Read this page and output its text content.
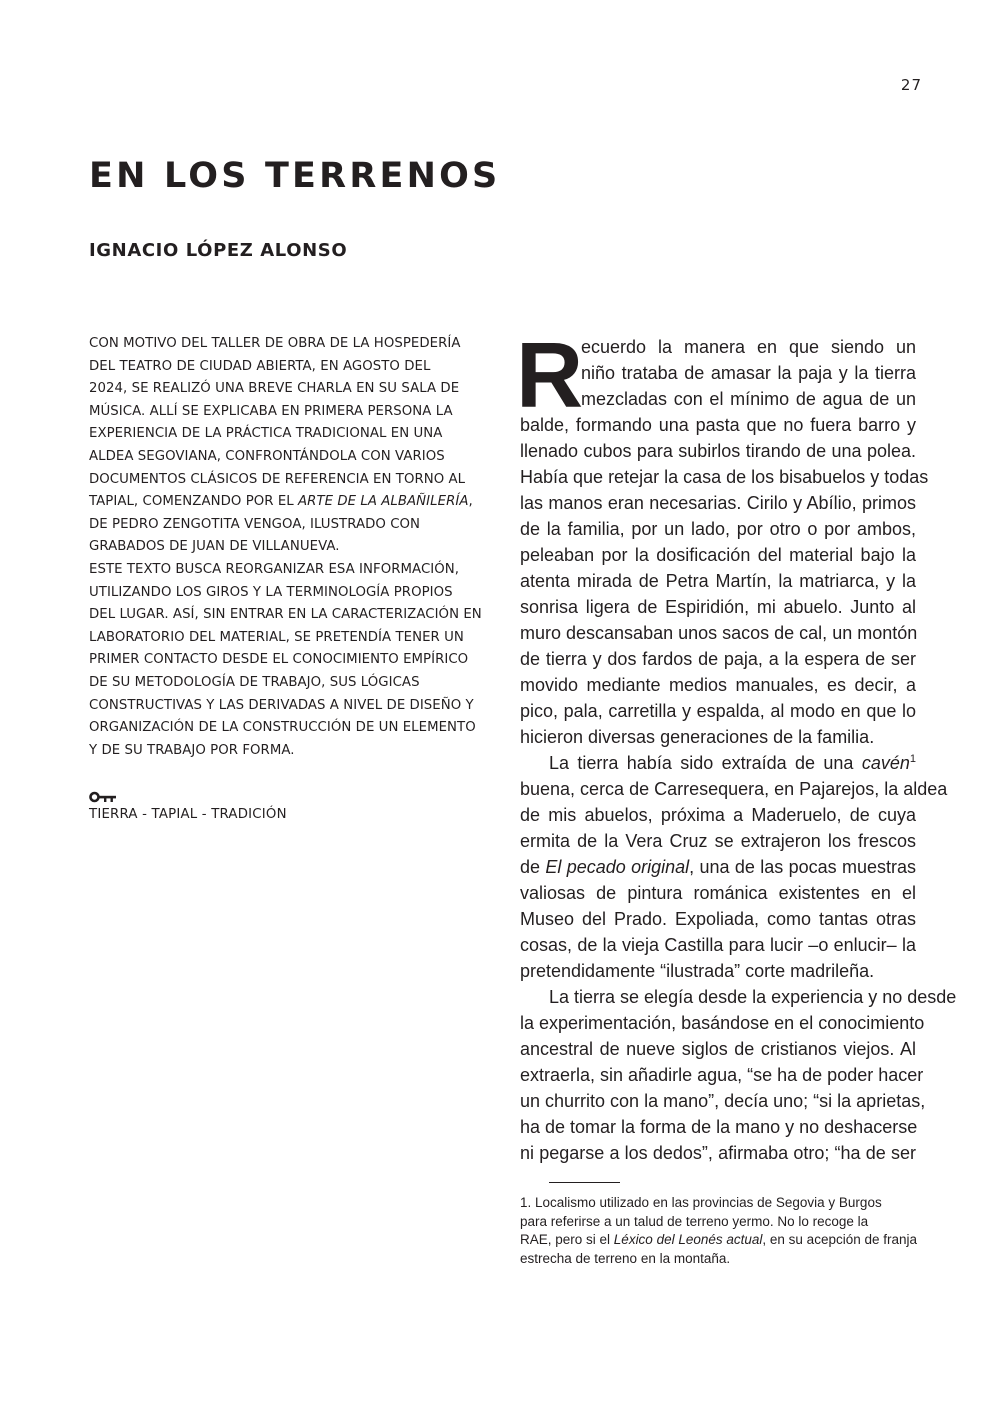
27
EN LOS TERRENOS
IGNACIO LÓPEZ ALONSO
CON MOTIVO DEL TALLER DE OBRA DE LA HOSPEDERÍA
DEL TEATRO DE CIUDAD ABIERTA, EN AGOSTO DEL
2024, SE REALIZÓ UNA BREVE CHARLA EN SU SALA DE
MÚSICA. ALLÍ SE EXPLICABA EN PRIMERA PERSONA LA
EXPERIENCIA DE LA PRÁCTICA TRADICIONAL EN UNA
ALDEA SEGOVIANA, CONFRONTÁNDOLA CON VARIOS
DOCUMENTOS CLÁSICOS DE REFERENCIA EN TORNO AL
TAPIAL, COMENZANDO POR EL ARTE DE LA ALBAÑILERÍA,
DE PEDRO ZENGOTITA VENGOA, ILUSTRADO CON
GRABADOS DE JUAN DE VILLANUEVA.
ESTE TEXTO BUSCA REORGANIZAR ESA INFORMACIÓN,
UTILIZANDO LOS GIROS Y LA TERMINOLOGÍA PROPIOS
DEL LUGAR. ASÍ, SIN ENTRAR EN LA CARACTERIZACIÓN EN
LABORATORIO DEL MATERIAL, SE PRETENDÍA TENER UN
PRIMER CONTACTO DESDE EL CONOCIMIENTO EMPÍRICO
DE SU METODOLOGÍA DE TRABAJO, SUS LÓGICAS
CONSTRUCTIVAS Y LAS DERIVADAS A NIVEL DE DISEÑO Y
ORGANIZACIÓN DE LA CONSTRUCCIÓN DE UN ELEMENTO
Y DE SU TRABAJO POR FORMA.
TIERRA - TAPIAL - TRADICIÓN
R
ecuerdo la manera en que siendo un
niño trataba de amasar la paja y la tierra
mezcladas con el mínimo de agua de un
balde, formando una pasta que no fuera barro y
llenado cubos para subirlos tirando de una polea.
Había que retejar la casa de los bisabuelos y todas
las manos eran necesarias. Cirilo y Abílio, primos
de la familia, por un lado, por otro o por ambos,
peleaban por la dosificación del material bajo la
atenta mirada de Petra Martín, la matriarca, y la
sonrisa ligera de Espiridión, mi abuelo. Junto al
muro descansaban unos sacos de cal, un montón
de tierra y dos fardos de paja, a la espera de ser
movido mediante medios manuales, es decir, a
pico, pala, carretilla y espalda, al modo en que lo
hicieron diversas generaciones de la familia.
La tierra había sido extraída de una cavén$^1$
buena, cerca de Carresequera, en Pajarejos, la aldea
de mis abuelos, próxima a Maderuelo, de cuya
ermita de la Vera Cruz se extrajeron los frescos
de El pecado original, una de las pocas muestras
valiosas de pintura románica existentes en el
Museo del Prado. Expoliada, como tantas otras
cosas, de la vieja Castilla para lucir –o enlucir– la
pretendidamente “ilustrada” corte madrileña.
La tierra se elegía desde la experiencia y no desde
la experimentación, basándose en el conocimiento
ancestral de nueve siglos de cristianos viejos. Al
extraerla, sin añadirle agua, “se ha de poder hacer
un churrito con la mano”, decía uno; “si la aprietas,
ha de tomar la forma de la mano y no deshacerse
ni pegarse a los dedos”, afirmaba otro; “ha de ser
1. Localismo utilizado en las provincias de Segovia y Burgos
para referirse a un talud de terreno yermo. No lo recoge la
RAE, pero si el Léxico del Leonés actual, en su acepción de franja
estrecha de terreno en la montaña.
